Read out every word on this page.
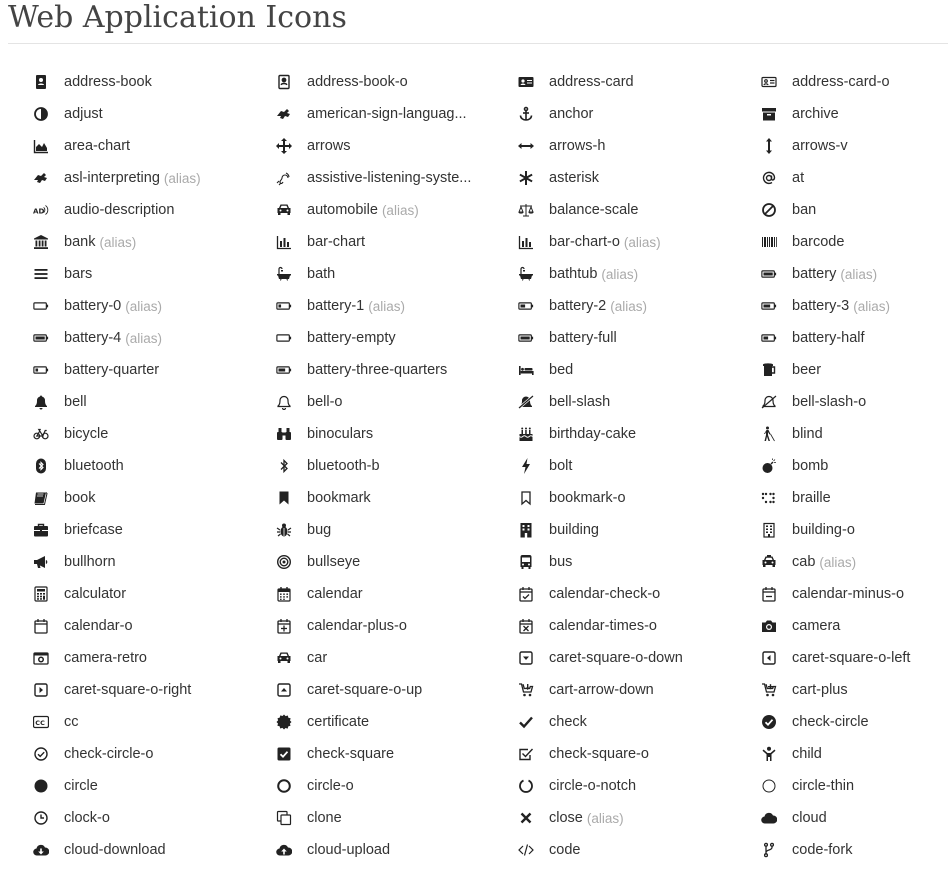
Web Application Icons
address-book	address-book-o	address-card	address-card-o
adjust	american-sign-languag...	anchor	archive
area-chart	arrows	arrows-h	arrows-v
asl-interpreting (alias)	assistive-listening-syste...	asterisk	at
AD audio-description	automobile (alias)	balance-scale	ban
bank (alias)	bar-chart	bar-chart-o (alias)	barcode
bars	bath	bathtub (alias)	battery (alias)
battery-0 (alias)	battery-1 (alias)	battery-2 (alias)	battery-3 (alias)
battery-4 (alias)	battery-empty	battery-full	battery-half
battery-quarter	battery-three-quarters	bed	beer
bell	bell-o	bell-slash	bell-slash-o
bicycle	binoculars	birthday-cake	blind
bluetooth	bluetooth-b	bolt	bomb
book	bookmark	bookmark-o	braille
briefcase	bug	building	building-o
bullhorn	bullseye	bus	cab (alias)
calculator	calendar	calendar-check-o	calendar-minus-o
calendar-o	calendar-plus-o	calendar-times-o	camera
camera-retro	car	caret-square-o-down	caret-square-o-left
caret-square-o-right	caret-square-o-up	cart-arrow-down	cart-plus
CC cc	certificate	check	check-circle
check-circle-o	check-square	check-square-o	child
circle	circle-o	circle-o-notch	circle-thin
clock-o	clone	close (alias)	cloud
cloud-download	cloud-upload	code	code-fork
